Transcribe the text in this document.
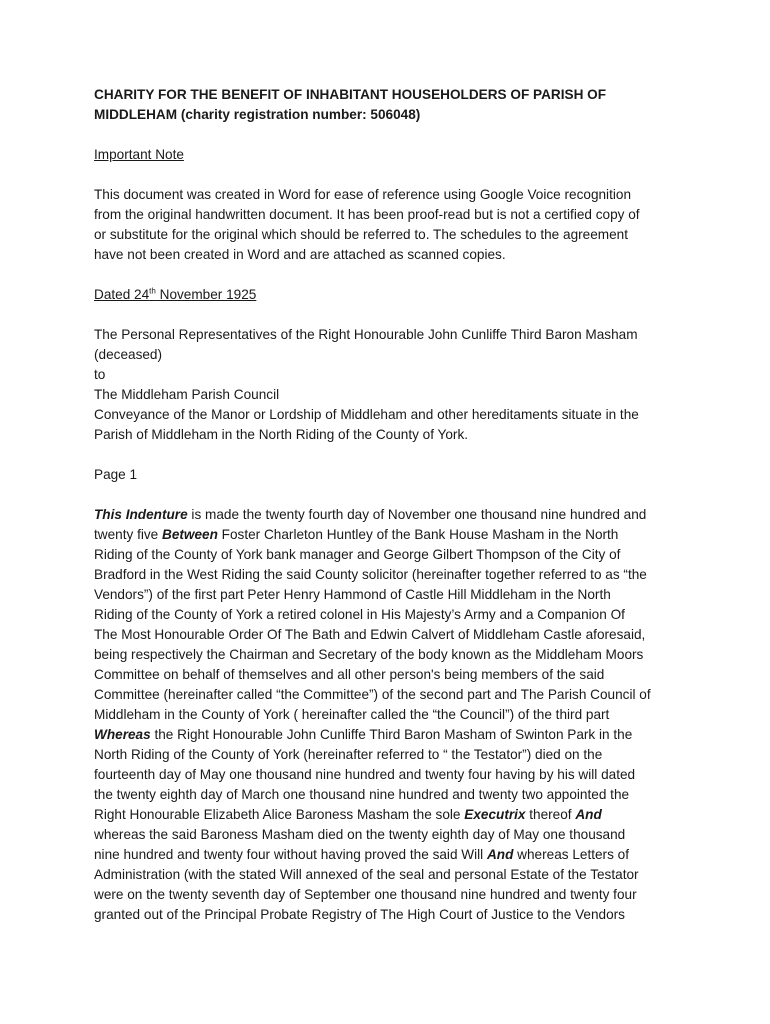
CHARITY FOR THE BENEFIT OF INHABITANT HOUSEHOLDERS OF PARISH OF
MIDDLEHAM (charity registration number: 506048)

Important Note

This document was created in Word for ease of reference using Google Voice recognition
from the original handwritten document. It has been proof-read but is not a certified copy of
or substitute for the original which should be referred to. The schedules to the agreement
have not been created in Word and are attached as scanned copies.

Dated 24th November 1925

The Personal Representatives of the Right Honourable John Cunliffe Third Baron Masham
(deceased)
to
The Middleham Parish Council
Conveyance of the Manor or Lordship of Middleham and other hereditaments situate in the
Parish of Middleham in the North Riding of the County of York.

Page 1

This Indenture is made the twenty fourth day of November one thousand nine hundred and
twenty five Between Foster Charleton Huntley of the Bank House Masham in the North
Riding of the County of York bank manager and George Gilbert Thompson of the City of
Bradford in the West Riding the said County solicitor (hereinafter together referred to as “the
Vendors”) of the first part Peter Henry Hammond of Castle Hill Middleham in the North
Riding of the County of York a retired colonel in His Majesty’s Army and a Companion Of
The Most Honourable Order Of The Bath and Edwin Calvert of Middleham Castle aforesaid,
being respectively the Chairman and Secretary of the body known as the Middleham Moors
Committee on behalf of themselves and all other person's being members of the said
Committee (hereinafter called “the Committee”) of the second part and The Parish Council of
Middleham in the County of York ( hereinafter called the “the Council”) of the third part
Whereas the Right Honourable John Cunliffe Third Baron Masham of Swinton Park in the
North Riding of the County of York (hereinafter referred to “ the Testator”) died on the
fourteenth day of May one thousand nine hundred and twenty four having by his will dated
the twenty eighth day of March one thousand nine hundred and twenty two appointed the
Right Honourable Elizabeth Alice Baroness Masham the sole Executrix thereof And
whereas the said Baroness Masham died on the twenty eighth day of May one thousand
nine hundred and twenty four without having proved the said Will And whereas Letters of
Administration (with the stated Will annexed of the seal and personal Estate of the Testator
were on the twenty seventh day of September one thousand nine hundred and twenty four
granted out of the Principal Probate Registry of The High Court of Justice to the Vendors
